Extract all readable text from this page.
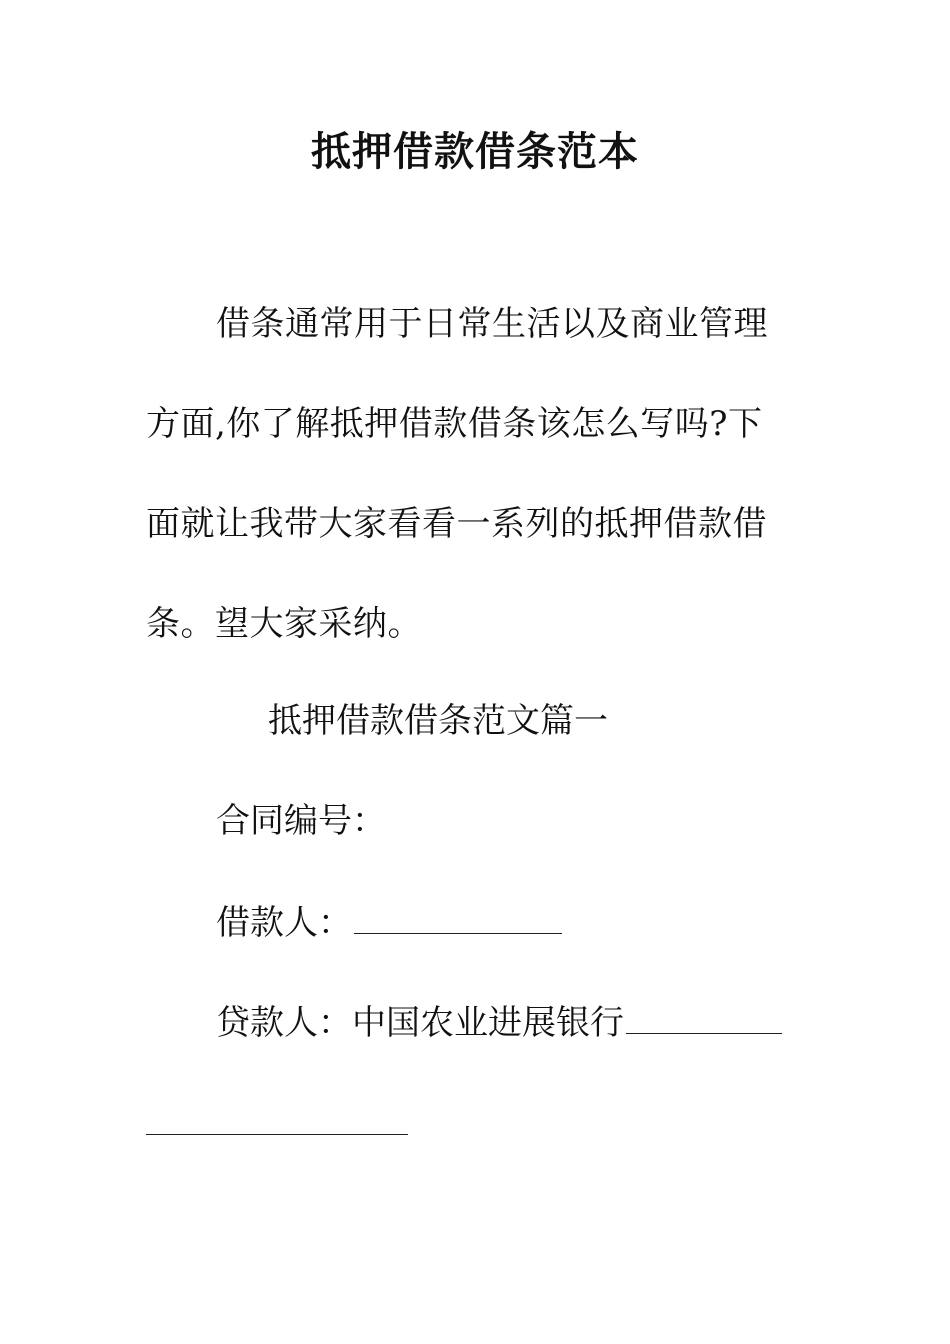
抵押借款借条范本
借条通常用于日常生活以及商业管理方面,你了解抵押借款借条该怎么写吗?下面就让我带大家看看一系列的抵押借款借条。望大家采纳。
抵押借款借条范文篇一
合同编号：
借款人：
贷款人：中国农业进展银行
